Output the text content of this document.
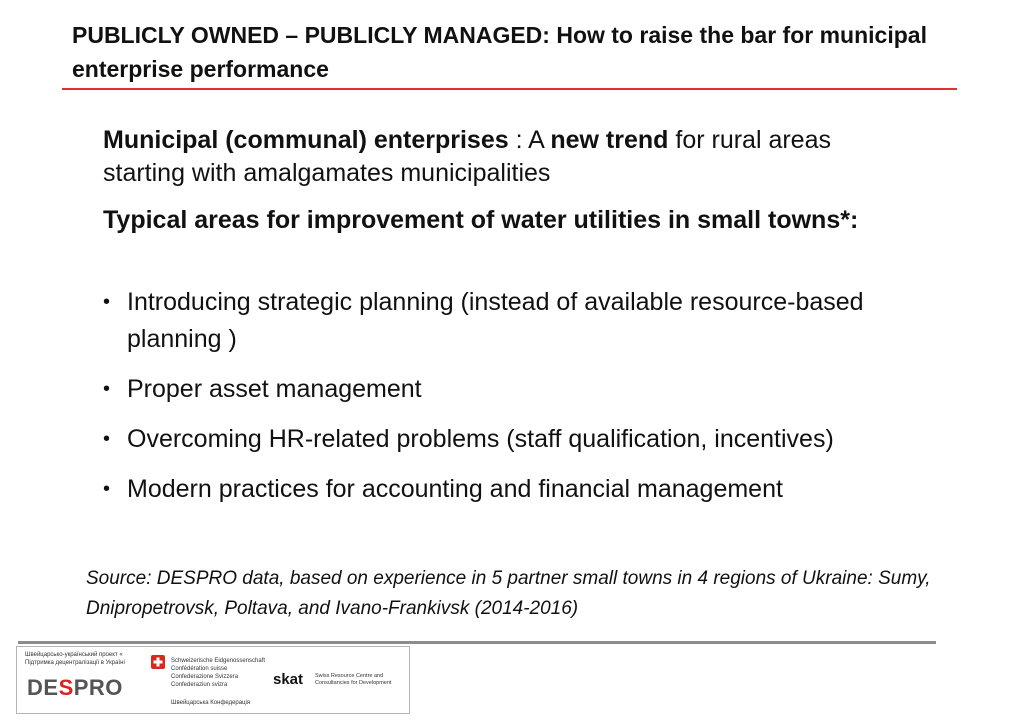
PUBLICLY OWNED – PUBLICLY MANAGED: How to raise the bar for municipal enterprise performance
Municipal (communal) enterprises : A new trend for rural areas starting with amalgamates municipalities
Typical areas for improvement of water utilities in small towns*:
• Introducing strategic planning (instead of available resource-based planning )
• Proper asset management
• Overcoming HR-related problems (staff qualification, incentives)
• Modern practices for accounting and financial management
Source: DESPRO data, based on experience in 5 partner small towns in 4 regions of Ukraine: Sumy, Dnipropetrovsk, Poltava, and Ivano-Frankivsk (2014-2016)
Швейцарсько-український проект «
Підтримка децентралізації в Україні
DESPRO
Schweizerische Eidgenossenschaft
Confédération suisse
Confederazione Svizzera
Confederaziun svizra
Швейцарська Конфедерація
skat Swiss Resource Centre and
Consultancies for Development
